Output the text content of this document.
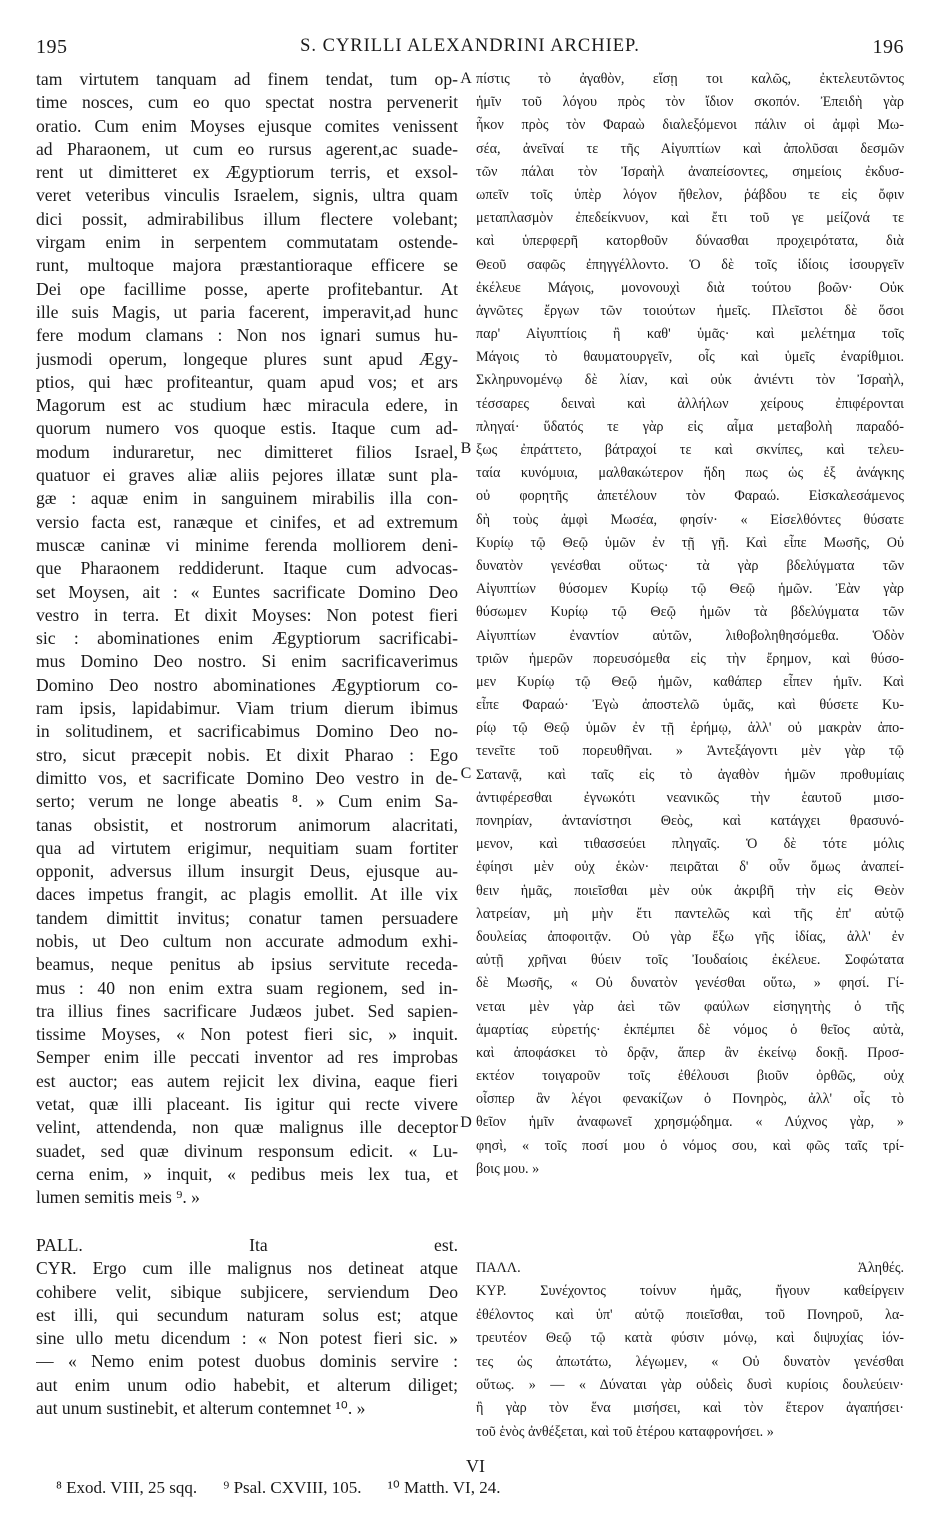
195	S. CYRILLI ALEXANDRINI ARCHIEP.	196
tam virtutem tanquam ad finem tendat, tum op-
time nosces, cum eo quo spectat nostra pervenerit
oratio. Cum enim Moyses ejusque comites venissent
ad Pharaonem, ut cum eo rursus agerent,ac suade-
rent ut dimitteret ex Ægyptiorum terris, et exsol-
veret veteribus vinculis Israelem, signis, ultra quam
dici possit, admirabilibus illum flectere volebant;
virgam enim in serpentem commutatam ostende-
runt, multoque majora præstantioraque efficere se
Dei ope facillime posse, aperte profitebantur. At
ille suis Magis, ut paria facerent, imperavit,ad hunc
fere modum clamans : Non nos ignari sumus hu-
jusmodi operum, longeque plures sunt apud Ægy-
ptios, qui hæc profiteantur, quam apud vos; et ars
Magorum est ac studium hæc miracula edere, in
quorum numero vos quoque estis. Itaque cum ad-
modum induraretur, nec dimitteret filios Israel,
quatuor ei graves aliæ aliis pejores illatæ sunt pla-
gæ : aquæ enim in sanguinem mirabilis illa con-
versio facta est, ranæque et cinifes, et ad extremum
muscæ caninæ vi minime ferenda molliorem deni-
que Pharaonem reddiderunt. Itaque cum advocas-
set Moysen, ait : « Euntes sacrificate Domino Deo
vestro in terra. Et dixit Moyses: Non potest fieri
sic : abominationes enim Ægyptiorum sacrificabi-
mus Domino Deo nostro. Si enim sacrificaverimus
Domino Deo nostro abominationes Ægyptiorum co-
ram ipsis, lapidabimur. Viam trium dierum ibimus
in solitudinem, et sacrificabimus Domino Deo no-
stro, sicut præcepit nobis. Et dixit Pharao : Ego
dimitto vos, et sacrificate Domino Deo vestro in de-
serto; verum ne longe abeatis ⁸. » Cum enim Sa-
tanas obsistit, et nostrorum animorum alacritati,
qua ad virtutem erigimur, nequitiam suam fortiter
opponit, adversus illum insurgit Deus, ejusque au-
daces impetus frangit, ac plagis emollit. At ille vix
tandem dimittit invitus; conatur tamen persuadere
nobis, ut Deo cultum non accurate admodum exhi-
beamus, neque penitus ab ipsius servitute recedа-
mus : 40 non enim extra suam regionem, sed in-
tra illius fines sacrificare Judæos jubet. Sed sapien-
tissime Moyses, « Non potest fieri sic, » inquit.
Semper enim ille peccati inventor ad res improbas
est auctor; eas autem rejicit lex divina, eaque fieri
vetat, quæ illi placeant. Iis igitur qui recte vivere
velint, attendenda, non quæ malignus ille deceptor
suadet, sed quæ divinum responsum edicit. « Lu-
cerna enim, » inquit, « pedibus meis lex tua, et
lumen semitis meis ⁹. »
πίστις τὸ ἀγαθὸν, εἴσῃ τοι καλῶς, ἐκτελευτῶντος
ἡμῖν τοῦ λόγου πρὸς τὸν ἴδιον σκοπόν. Ἐπειδὴ γὰρ
ἧκον πρὸς τὸν Φαραὼ διαλεξόμενοι πάλιν οἱ ἀμφὶ Μω-
σέα, ἀνεῖναί τε τῆς Αἰγυπτίων καὶ ἀπολῦσαι δεσμῶν
τῶν πάλαι τὸν Ἰσραὴλ ἀναπείσοντες, σημείοις ἐκδυσ-
ωπεῖν τοῖς ὑπὲρ λόγον ἤθελον, ῥάβδου τε εἰς ὄφιν
μεταπλασμὸν ἐπεδείκνυον, καὶ ἔτι τοῦ γε μείζονά τε
καὶ ὑπερφερῆ κατορθοῦν δύνασθαι προχειρότατα, διὰ
Θεοῦ σαφῶς ἐπηγγέλλοντο. Ὁ δὲ τοῖς ἰδίοις ἰσουργεῖν
ἐκέλευε Μάγοις, μονονουχὶ διὰ τούτου βοῶν· Οὐκ
ἀγνῶτες ἔργων τῶν τοιούτων ἡμεῖς. Πλεῖστοι δὲ ὅσοι
παρ' Αἰγυπτίοις ἢ καθ' ὑμᾶς· καὶ μελέτημα τοῖς
Μάγοις τὸ θαυματουργεῖν, οἷς καὶ ὑμεῖς ἐναρίθμιοι.
Σκληρυνομένῳ δὲ λίαν, καὶ οὐκ ἀνιέντι τὸν Ἰσραὴλ,
τέσσαρες δειναὶ καὶ ἀλλήλων χείρους ἐπιφέρονται
πληγαί· ὕδατός τε γὰρ εἰς αἷμα μεταβολὴ παραδό-
ξως ἐπράττετο, βάτραχοί τε καὶ σκνίπες, καὶ τελευ-
ταία κυνόμυια, μαλθακώτερον ἤδη πως ὡς ἐξ ἀνάγκης
οὐ φορητῆς ἀπετέλουν τὸν Φαραώ. Εἰσκαλεσάμενος
δὴ τοὺς ἀμφὶ Μωσέα, φησίν· « Εἰσελθόντες θύσατε
Κυρίῳ τῷ Θεῷ ὑμῶν ἐν τῇ γῇ. Καὶ εἶπε Μωσῆς, Οὐ
δυνατὸν γενέσθαι οὕτως· τὰ γὰρ βδελύγματα τῶν
Αἰγυπτίων θύσομεν Κυρίῳ τῷ Θεῷ ἡμῶν. Ἐὰν γὰρ
θύσωμεν Κυρίῳ τῷ Θεῷ ἡμῶν τὰ βδελύγματα τῶν
Αἰγυπτίων ἐναντίον αὐτῶν, λιθοβοληθησόμεθα. Ὁδὸν
τριῶν ἡμερῶν πορευσόμεθα εἰς τὴν ἔρημον, καὶ θύσο-
μεν Κυρίῳ τῷ Θεῷ ἡμῶν, καθάπερ εἶπεν ἡμῖν. Καὶ
εἶπε Φαραώ· Ἐγὼ ἀποστελῶ ὑμᾶς, καὶ θύσετε Κυ-
ρίῳ τῷ Θεῷ ὑμῶν ἐν τῇ ἐρήμῳ, ἀλλ' οὐ μακρὰν ἀπο-
τενεῖτε τοῦ πορευθῆναι. » Ἀντεξάγοντι μὲν γὰρ τῷ
Σατανᾷ, καὶ ταῖς εἰς τὸ ἀγαθὸν ἡμῶν προθυμίαις
ἀντιφέρεσθαι ἐγνωκότι νεανικῶς τὴν ἑαυτοῦ μισο-
πονηρίαν, ἀντανίστησι Θεὸς, καὶ κατάγχει θρασυνό-
μενον, καὶ τιθασσεύει πληγαῖς. Ὁ δὲ τότε μόλις
ἐφίησι μὲν οὐχ ἑκὼν· πειρᾶται δ' οὖν ὅμως ἀναπεί-
θειν ἡμᾶς, ποιεῖσθαι μὲν οὐκ ἀκριβῆ τὴν εἰς Θεὸν
λατρείαν, μὴ μὴν ἔτι παντελῶς καὶ τῆς ἐπ' αὐτῷ
δουλείας ἀποφοιτᾷν. Οὐ γὰρ ἔξω γῆς ἰδίας, ἀλλ' ἐν
αὐτῇ χρῆναι θύειν τοῖς Ἰουδαίοις ἐκέλευε. Σοφώτατα
δὲ Μωσῆς, « Οὐ δυνατὸν γενέσθαι οὕτω, » φησί. Γί-
νεται μὲν γὰρ ἀεὶ τῶν φαύλων εἰσηγητὴς ὁ τῆς
ἁμαρτίας εὑρετής· ἐκπέμπει δὲ νόμος ὁ θεῖος αὐτὰ,
καὶ ἀποφάσκει τὸ δρᾷν, ἅπερ ἂν ἐκείνῳ δοκῇ. Προσ-
εκτέον τοιγαροῦν τοῖς ἐθέλουσι βιοῦν ὀρθῶς, οὐχ
οἷσπερ ἂν λέγοι φενακίζων ὁ Πονηρὸς, ἀλλ' οἷς τὸ
θεῖον ἡμῖν ἀναφωνεῖ χρησμῴδημα. « Λύχνος γὰρ, »
φησὶ, « τοῖς ποσί μου ὁ νόμος σου, καὶ φῶς ταῖς τρί-
βοις μου. »
A
B
C
D
PALL. Ita est.
CYR. Ergo cum ille malignus nos detineat atque
cohibere velit, sibique subjicere, serviendum Deo
est illi, qui secundum naturam solus est; atque
sine ullo metu dicendum : « Non potest fieri sic. »
— « Nemo enim potest duobus dominis servire :
aut enim unum odio habebit, et alterum diliget;
aut unum sustinebit, et alterum contemnet ¹⁰. »
ΠΑΛΛ. Ἀληθές.
ΚΥΡ. Συνέχοντος τοίνυν ἡμᾶς, ἤγουν καθείργειν
ἐθέλοντος καὶ ὑπ' αὐτῷ ποιεῖσθαι, τοῦ Πονηροῦ, λα-
τρευτέον Θεῷ τῷ κατὰ φύσιν μόνῳ, καὶ διψυχίας ἰόν-
τες ὡς ἀπωτάτω, λέγωμεν, « Οὐ δυνατὸν γενέσθαι
οὕτως. » — « Δύναται γὰρ οὐδεὶς δυσὶ κυρίοις δουλεύειν·
ἢ γὰρ τὸν ἕνα μισήσει, καὶ τὸν ἕτερον ἀγαπήσει·
τοῦ ἑνὸς ἀνθέξεται, καὶ τοῦ ἑτέρου καταφρονήσει. »
VI
⁸ Exod. VIII, 25 sqq. ⁹ Psal. CXVIII, 105. ¹⁰ Matth. VI, 24.
